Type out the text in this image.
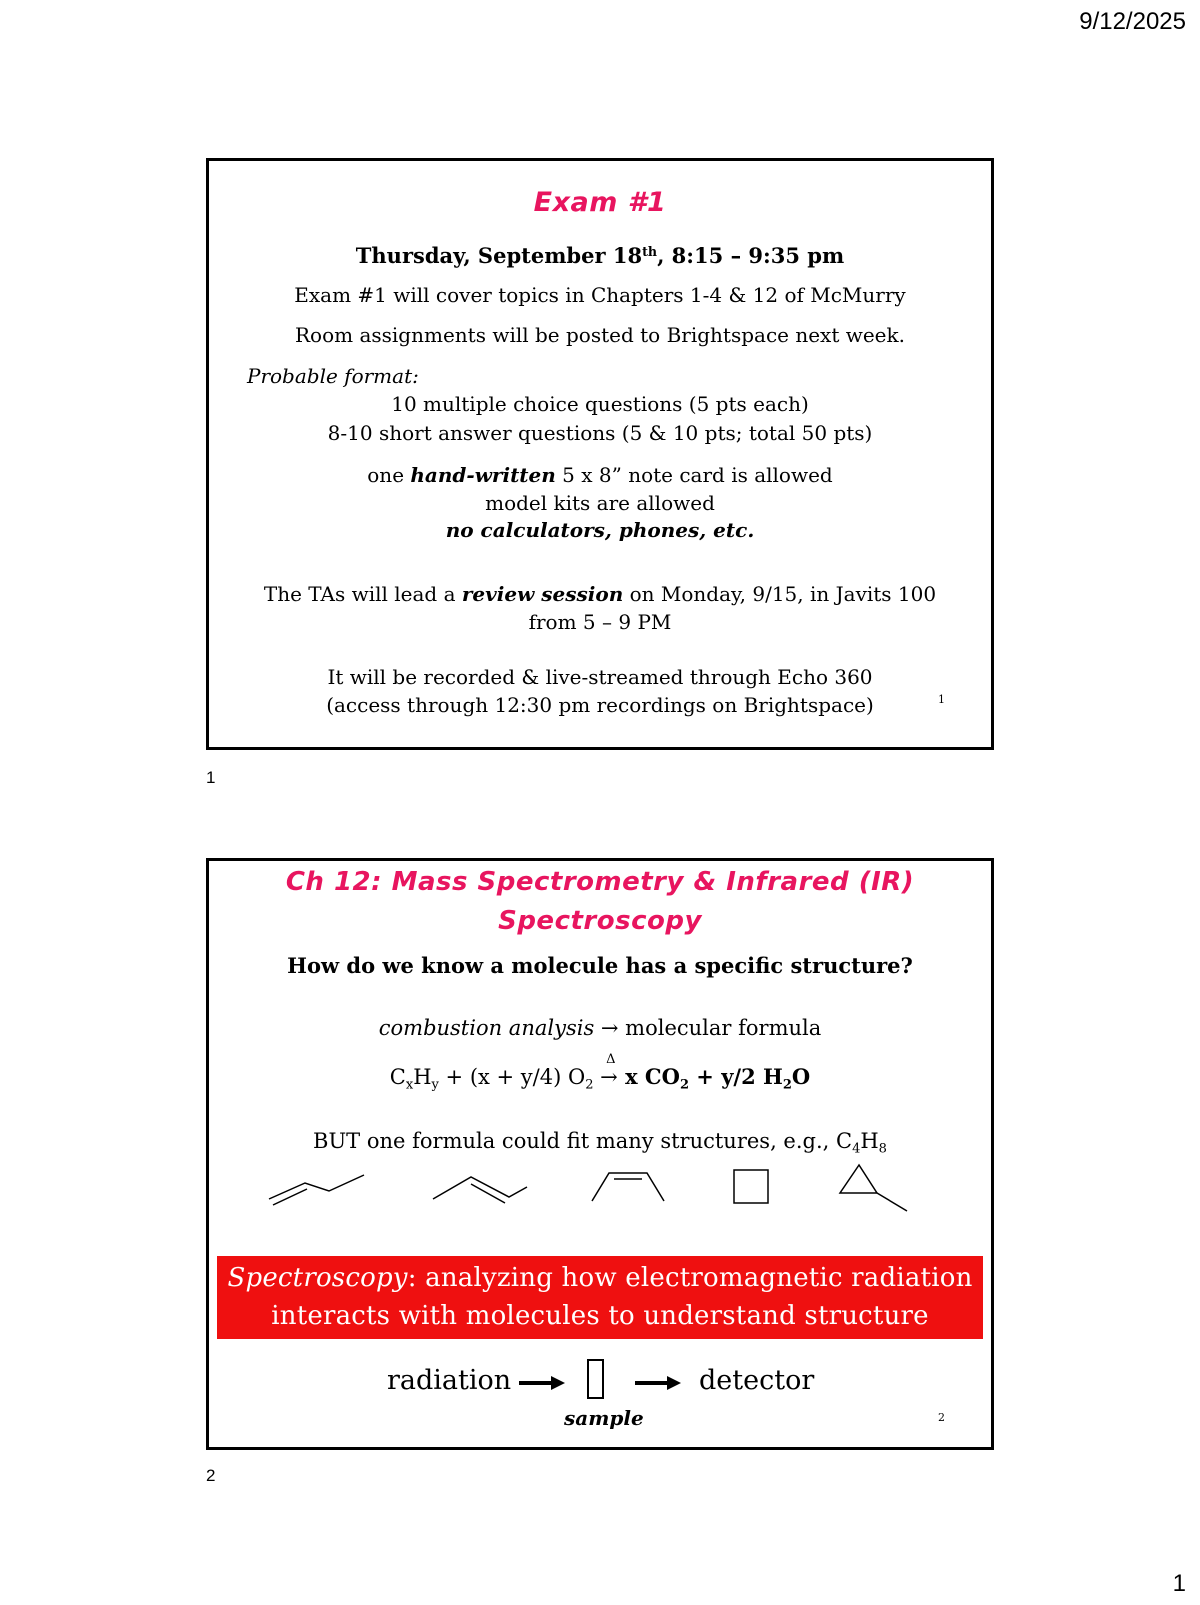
9/12/2025
Exam #1
Thursday, September 18th, 8:15 – 9:35 pm
Exam #1 will cover topics in Chapters 1-4 & 12 of McMurry
Room assignments will be posted to Brightspace next week.
Probable format:
10 multiple choice questions (5 pts each)
8-10 short answer questions (5 & 10 pts; total 50 pts)
one hand-written 5 x 8” note card is allowed
model kits are allowed
no calculators, phones, etc.
The TAs will lead a review session on Monday, 9/15, in Javits 100
from 5 – 9 PM
It will be recorded & live-streamed through Echo 360
(access through 12:30 pm recordings on Brightspace)	1
1
Ch 12: Mass Spectrometry & Infrared (IR)
Spectroscopy
How do we know a molecule has a specific structure?
combustion analysis → molecular formula
$C_xH_y + (x + y/4)$ $O_2$
Δ
→ x $CO_2 + y/2$ $H_2O$
BUT one formula could fit many structures, e.g., $C_4H_8$
Spectroscopy: analyzing how electromagnetic radiation
interacts with molecules to understand structure
radiation	detector
sample	2
2
1
